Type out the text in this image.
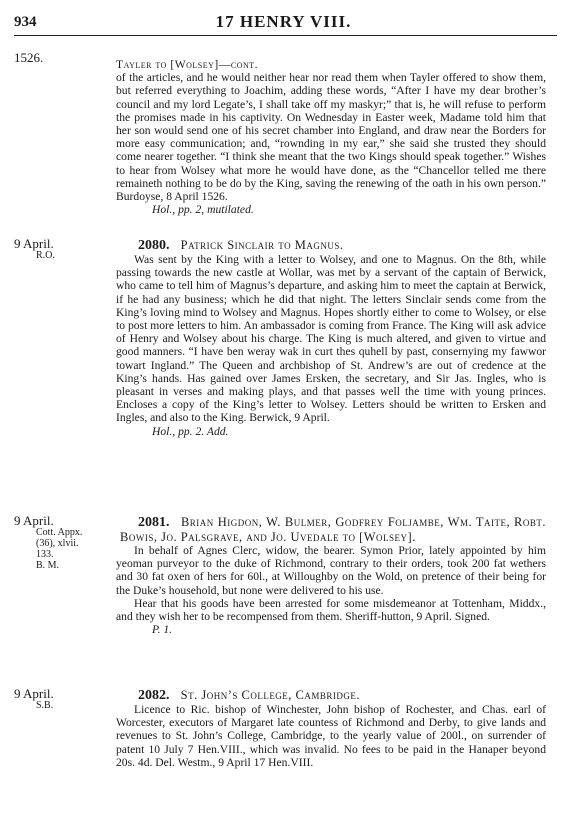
934	17 HENRY VIII.
1526.	Tayler to [Wolsey]—cont.

of the articles, and he would neither hear nor read them when Tayler offered to show them, but referred everything to Joachim, adding these words, “After I have my dear brother’s council and my lord Legate’s, I shall take off my maskyr;” that is, he will refuse to perform the promises made in his captivity. On Wednesday in Easter week, Madame told him that her son would send one of his secret chamber into England, and draw near the Borders for more easy communication; and, “rownding in my ear,” she said she trusted they should come nearer together. “I think she meant that the two Kings should speak together.” Wishes to hear from Wolsey what more he would have done, as the “Chancellor telled me there remaineth nothing to be do by the King, saving the renewing of the oath in his own person.” Burdoyse, 8 April 1526.

Hol., pp. 2, mutilated.

9 April.
R.O.

2080. Patrick Sinclair to Magnus.

Was sent by the King with a letter to Wolsey, and one to Magnus. On the 8th, while passing towards the new castle at Wollar, was met by a servant of the captain of Berwick, who came to tell him of Magnus’s departure, and asking him to meet the captain at Berwick, if he had any business; which he did that night. The letters Sinclair sends come from the King’s loving mind to Wolsey and Magnus. Hopes shortly either to come to Wolsey, or else to post more letters to him. An ambassador is coming from France. The King will ask advice of Henry and Wolsey about his charge. The King is much altered, and given to virtue and good manners. “I have ben weray wak in curt thes quhell by past, consernying my fawwor towart Ingland.” The Queen and archbishop of St. Andrew’s are out of credence at the King’s hands. Has gained over James Ersken, the secretary, and Sir Jas. Ingles, who is pleasant in verses and making plays, and that passes well the time with young princes. Encloses a copy of the King’s letter to Wolsey. Letters should be written to Ersken and Ingles, and also to the King. Berwick, 9 April.

Hol., pp. 2. Add.

9 April.
Cott. Appx.
(36), xlvii.
133.
B. M.

2081. Brian Higdon, W. Bulmer, Godfrey Foljambe, Wm. Taite, Robt. Bowis, Jo. Palsgrave, and Jo. Uvedale to [Wolsey].

In behalf of Agnes Clerc, widow, the bearer. Symon Prior, lately appointed by him yeoman purveyor to the duke of Richmond, contrary to their orders, took 200 fat wethers and 30 fat oxen of hers for 60l., at Willoughby on the Wold, on pretence of their being for the Duke’s household, but none were delivered to his use.

Hear that his goods have been arrested for some misdemeanor at Tottenham, Middx., and they wish her to be recompensed from them. Sheriff-hutton, 9 April. Signed.

P. 1.

9 April.
S.B.

2082. St. John’s College, Cambridge.

Licence to Ric. bishop of Winchester, John bishop of Rochester, and Chas. earl of Worcester, executors of Margaret late countess of Richmond and Derby, to give lands and revenues to St. John’s College, Cambridge, to the yearly value of 200l., on surrender of patent 10 July 7 Hen.VIII., which was invalid. No fees to be paid in the Hanaper beyond 20s. 4d. Del. Westm., 9 April 17 Hen.VIII.
